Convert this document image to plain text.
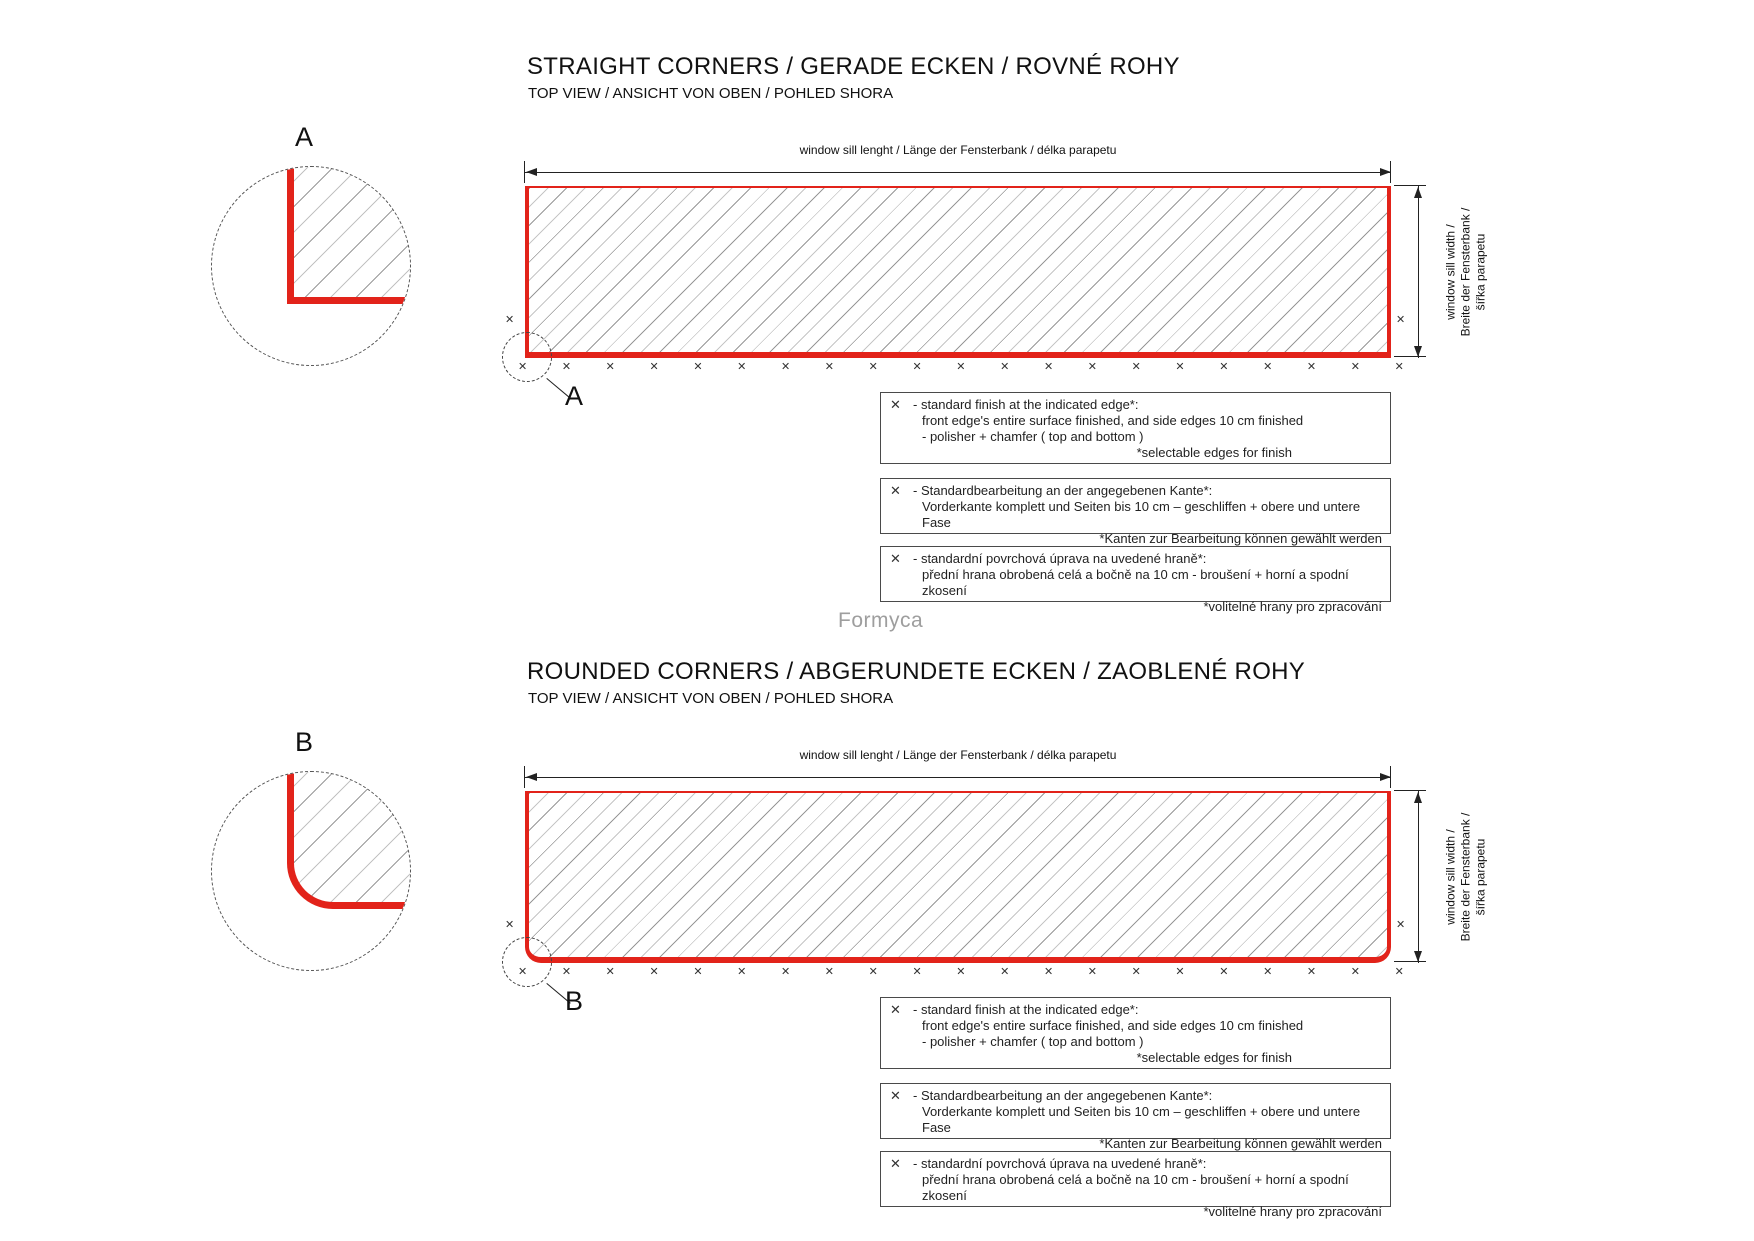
STRAIGHT CORNERS / GERADE ECKEN / ROVNÉ ROHY
TOP VIEW / ANSICHT VON OBEN / POHLED SHORA
A	window sill lenght / Länge der Fensterbank / délka parapetu
window sill width / Breite der Fensterbank / šířka parapetu
✕	✕	✕	✕	✕	✕	✕	✕	✕	✕	✕	✕	✕	✕	✕	✕	✕	✕	✕	✕	✕
✕	✕
A	✕ - standard finish at the indicated edge*:
front edge's entire surface finished, and side edges 10 cm finished
- polisher + chamfer ( top and bottom )
*selectable edges for finish
✕ - Standardbearbeitung an der angegebenen Kante*:
Vorderkante komplett und Seiten bis 10 cm – geschliffen + obere und untere Fase
*Kanten zur Bearbeitung können gewählt werden
✕ - standardní povrchová úprava na uvedené hraně*:
přední hrana obrobená celá a bočně na 10 cm - broušení + horní a spodní zkosení
*volitelné hrany pro zpracování
Formyca
ROUNDED CORNERS / ABGERUNDETE ECKEN / ZAOBLENÉ ROHY
TOP VIEW / ANSICHT VON OBEN / POHLED SHORA
B	window sill lenght / Länge der Fensterbank / délka parapetu
window sill width / Breite der Fensterbank / šířka parapetu
✕	✕	✕	✕	✕	✕	✕	✕	✕	✕	✕	✕	✕	✕	✕	✕	✕	✕	✕	✕	✕
✕	✕
B	✕ - standard finish at the indicated edge*:
front edge's entire surface finished, and side edges 10 cm finished
- polisher + chamfer ( top and bottom )
*selectable edges for finish
✕ - Standardbearbeitung an der angegebenen Kante*:
Vorderkante komplett und Seiten bis 10 cm – geschliffen + obere und untere Fase
*Kanten zur Bearbeitung können gewählt werden
✕ - standardní povrchová úprava na uvedené hraně*:
přední hrana obrobená celá a bočně na 10 cm - broušení + horní a spodní zkosení
*volitelné hrany pro zpracování
